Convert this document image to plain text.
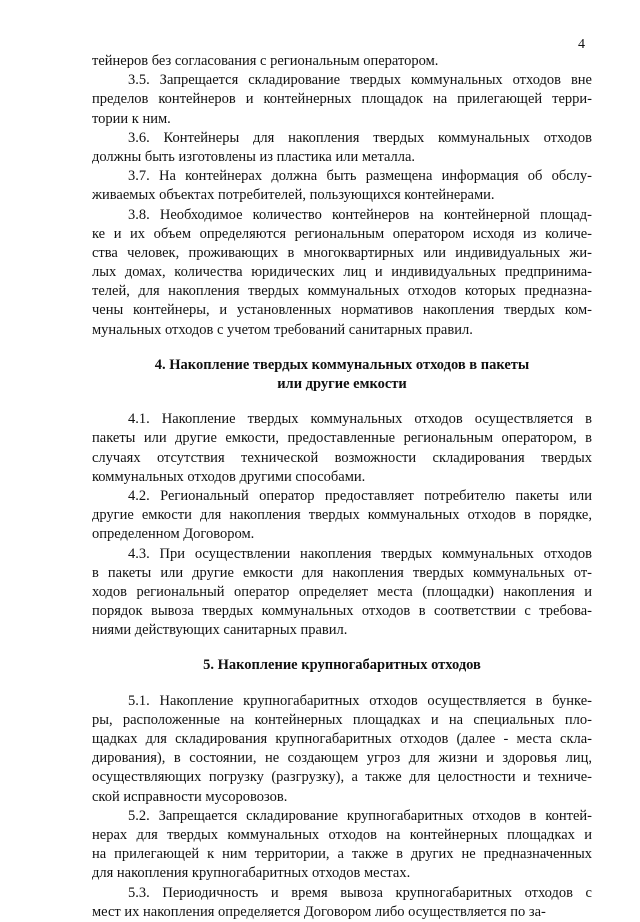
4
тейнеров без согласования с региональным оператором.
3.5. Запрещается складирование твердых коммунальных отходов вне
пределов контейнеров и контейнерных площадок на прилегающей терри-
тории к ним.
3.6. Контейнеры для накопления твердых коммунальных отходов
должны быть изготовлены из пластика или металла.
3.7. На контейнерах должна быть размещена информация об обслу-
живаемых объектах потребителей, пользующихся контейнерами.
3.8. Необходимое количество контейнеров на контейнерной площад-
ке и их объем определяются региональным оператором исходя из количе-
ства человек, проживающих в многоквартирных или индивидуальных жи-
лых домах, количества юридических лиц и индивидуальных предпринима-
телей, для накопления твердых коммунальных отходов которых предназна-
чены контейнеры, и установленных нормативов накопления твердых ком-
мунальных отходов с учетом требований санитарных правил.
4. Накопление твердых коммунальных отходов в пакеты
или другие емкости
4.1. Накопление твердых коммунальных отходов осуществляется в
пакеты или другие емкости, предоставленные региональным оператором, в
случаях отсутствия технической возможности складирования твердых
коммунальных отходов другими способами.
4.2. Региональный оператор предоставляет потребителю пакеты или
другие емкости для накопления твердых коммунальных отходов в порядке,
определенном Договором.
4.3. При осуществлении накопления твердых коммунальных отходов
в пакеты или другие емкости для накопления твердых коммунальных от-
ходов региональный оператор определяет места (площадки) накопления и
порядок вывоза твердых коммунальных отходов в соответствии с требова-
ниями действующих санитарных правил.
5. Накопление крупногабаритных отходов
5.1. Накопление крупногабаритных отходов осуществляется в бунке-
ры, расположенные на контейнерных площадках и на специальных пло-
щадках для складирования крупногабаритных отходов (далее - места скла-
дирования), в состоянии, не создающем угроз для жизни и здоровья лиц,
осуществляющих погрузку (разгрузку), а также для целостности и техниче-
ской исправности мусоровозов.
5.2. Запрещается складирование крупногабаритных отходов в контей-
нерах для твердых коммунальных отходов на контейнерных площадках и
на прилегающей к ним территории, а также в других не предназначенных
для накопления крупногабаритных отходов местах.
5.3. Периодичность и время вывоза крупногабаритных отходов с
мест их накопления определяется Договором либо осуществляется по за-
